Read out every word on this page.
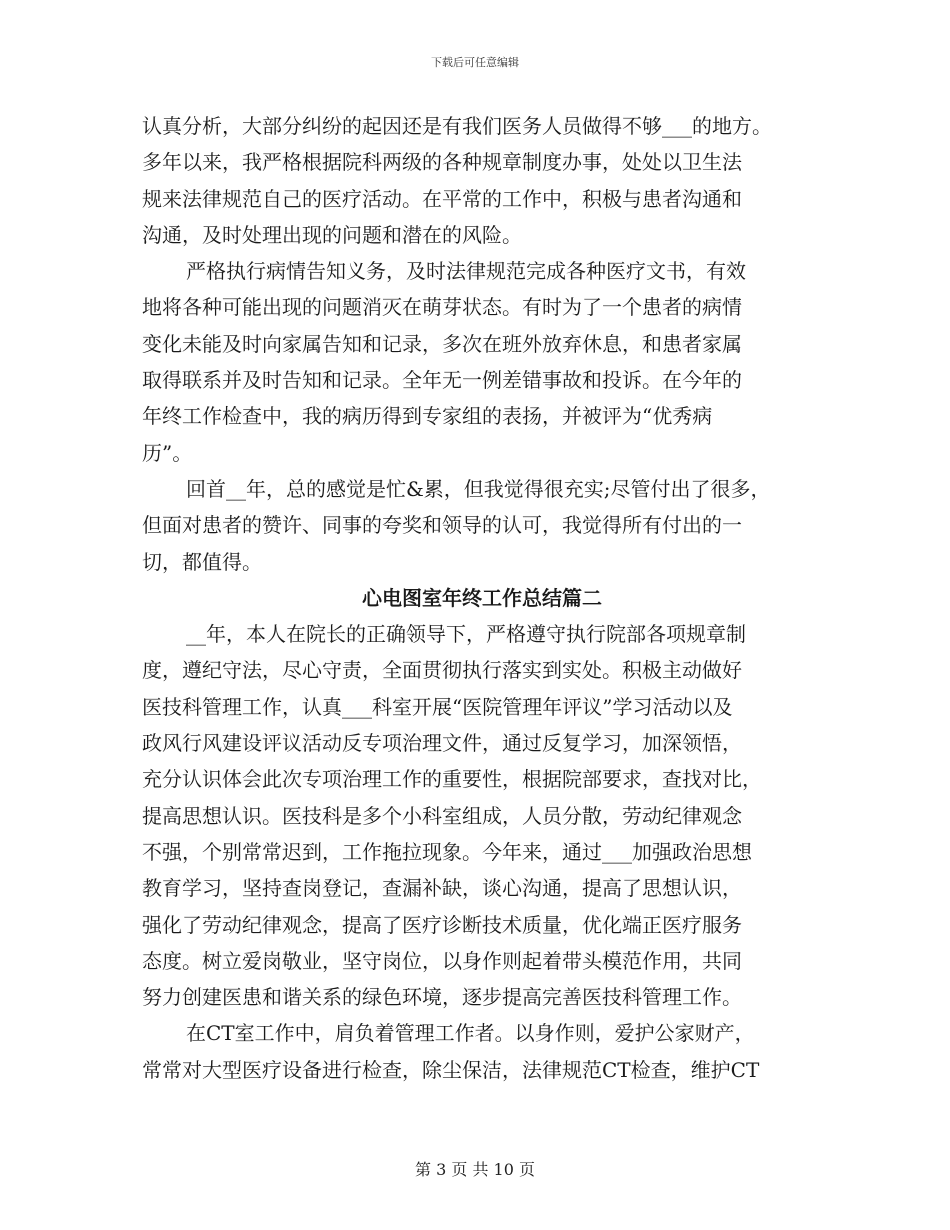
下载后可任意编辑
认真分析，大部分纠纷的起因还是有我们医务人员做得不够___的地方。
多年以来，我严格根据院科两级的各种规章制度办事，处处以卫生法
规来法律规范自己的医疗活动。在平常的工作中，积极与患者沟通和
沟通，及时处理出现的问题和潜在的风险。
严格执行病情告知义务，及时法律规范完成各种医疗文书，有效
地将各种可能出现的问题消灭在萌芽状态。有时为了一个患者的病情
变化未能及时向家属告知和记录，多次在班外放弃休息，和患者家属
取得联系并及时告知和记录。全年无一例差错事故和投诉。在今年的
年终工作检查中，我的病历得到专家组的表扬，并被评为“优秀病
历”。
回首__年，总的感觉是忙&累，但我觉得很充实;尽管付出了很多，
但面对患者的赞许、同事的夸奖和领导的认可，我觉得所有付出的一
切，都值得。
心电图室年终工作总结篇二
__年，本人在院长的正确领导下，严格遵守执行院部各项规章制
度，遵纪守法，尽心守责，全面贯彻执行落实到实处。积极主动做好
医技科管理工作，认真___科室开展“医院管理年评议”学习活动以及
政风行风建设评议活动反专项治理文件，通过反复学习，加深领悟，
充分认识体会此次专项治理工作的重要性，根据院部要求，查找对比，
提高思想认识。医技科是多个小科室组成，人员分散，劳动纪律观念
不强，个别常常迟到，工作拖拉现象。今年来，通过___加强政治思想
教育学习，坚持查岗登记，查漏补缺，谈心沟通，提高了思想认识，
强化了劳动纪律观念，提高了医疗诊断技术质量，优化端正医疗服务
态度。树立爱岗敬业，坚守岗位，以身作则起着带头模范作用，共同
努力创建医患和谐关系的绿色环境，逐步提高完善医技科管理工作。
在CT室工作中，肩负着管理工作者。以身作则，爱护公家财产，
常常对大型医疗设备进行检查，除尘保洁，法律规范CT检查，维护CT
第 3 页 共 10 页
